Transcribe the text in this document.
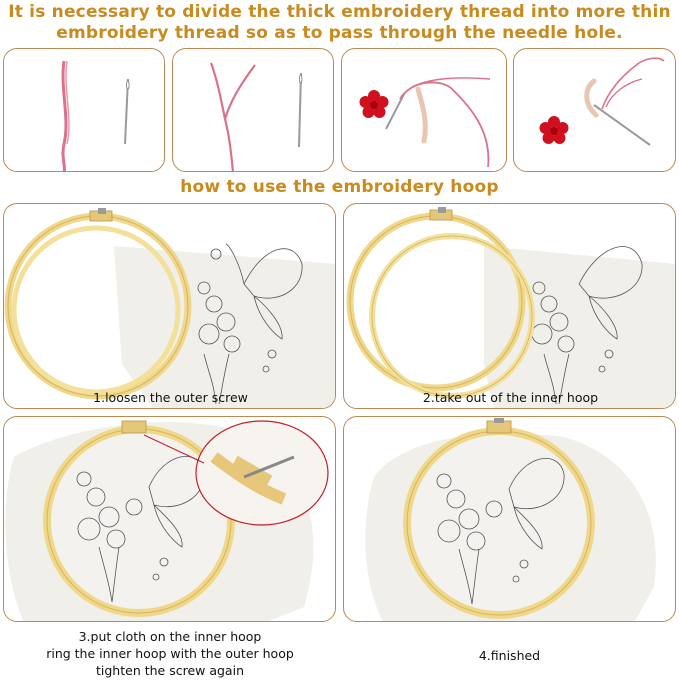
It is necessary to divide the thick embroidery thread into more thin
embroidery thread so as to pass through the needle hole.
how to use the embroidery hoop
1.loosen the outer screw	2.take out of the inner hoop
3.put cloth on the inner hoop
ring the inner hoop with the outer hoop
tighten the screw again
4.finished
